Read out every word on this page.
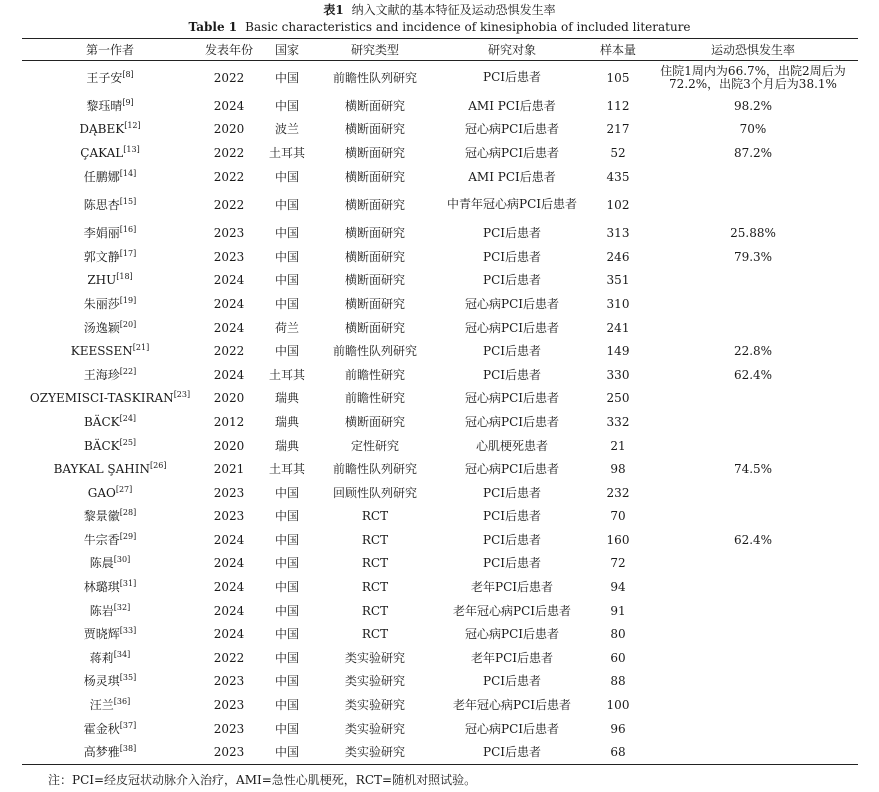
表1 纳入文献的基本特征及运动恐惧发生率
Table 1 Basic characteristics and incidence of kinesiphobia of included literature
第一作者	发表年份	国家	研究类型	研究对象	样本量	运动恐惧发生率
王子安[8]	2022	中国	前瞻性队列研究	PCI后患者	105	住院1周内为66.7%，出院2周后为72.2%，出院3个月后为38.1%
黎珏晴[9]	2024	中国	横断面研究	AMI PCI后患者	112	98.2%
DĄBEK[12]	2020	波兰	横断面研究	冠心病PCI后患者	217	70%
ÇAKAL[13]	2022	土耳其	横断面研究	冠心病PCI后患者	52	87.2%
任鹏娜[14]	2022	中国	横断面研究	AMI PCI后患者	435	
陈思杏[15]	2022	中国	横断面研究	中青年冠心病PCI后患者	102	
李娟丽[16]	2023	中国	横断面研究	PCI后患者	313	25.88%
郭文静[17]	2023	中国	横断面研究	PCI后患者	246	79.3%
ZHU[18]	2024	中国	横断面研究	PCI后患者	351	
朱丽莎[19]	2024	中国	横断面研究	冠心病PCI后患者	310	
汤逸颖[20]	2024	荷兰	横断面研究	冠心病PCI后患者	241	
KEESSEN[21]	2022	中国	前瞻性队列研究	PCI后患者	149	22.8%
王海珍[22]	2024	土耳其	前瞻性研究	PCI后患者	330	62.4%
OZYEMISCI-TASKIRAN[23]	2020	瑞典	前瞻性研究	冠心病PCI后患者	250	
BÄCK[24]	2012	瑞典	横断面研究	冠心病PCI后患者	332	
BÄCK[25]	2020	瑞典	定性研究	心肌梗死患者	21	
BAYKAL ŞAHIN[26]	2021	土耳其	前瞻性队列研究	冠心病PCI后患者	98	74.5%
GAO[27]	2023	中国	回顾性队列研究	PCI后患者	232	
黎景徽[28]	2023	中国	RCT	PCI后患者	70	
牛宗香[29]	2024	中国	RCT	PCI后患者	160	62.4%
陈晨[30]	2024	中国	RCT	PCI后患者	72	
林璐琪[31]	2024	中国	RCT	老年PCI后患者	94	
陈岩[32]	2024	中国	RCT	老年冠心病PCI后患者	91	
贾晓辉[33]	2024	中国	RCT	冠心病PCI后患者	80	
蒋莉[34]	2022	中国	类实验研究	老年PCI后患者	60	
杨灵琪[35]	2023	中国	类实验研究	PCI后患者	88	
汪兰[36]	2023	中国	类实验研究	老年冠心病PCI后患者	100	
霍金秋[37]	2023	中国	类实验研究	冠心病PCI后患者	96	
高梦雅[38]	2023	中国	类实验研究	PCI后患者	68	
注：PCI=经皮冠状动脉介入治疗，AMI=急性心肌梗死，RCT=随机对照试验。
